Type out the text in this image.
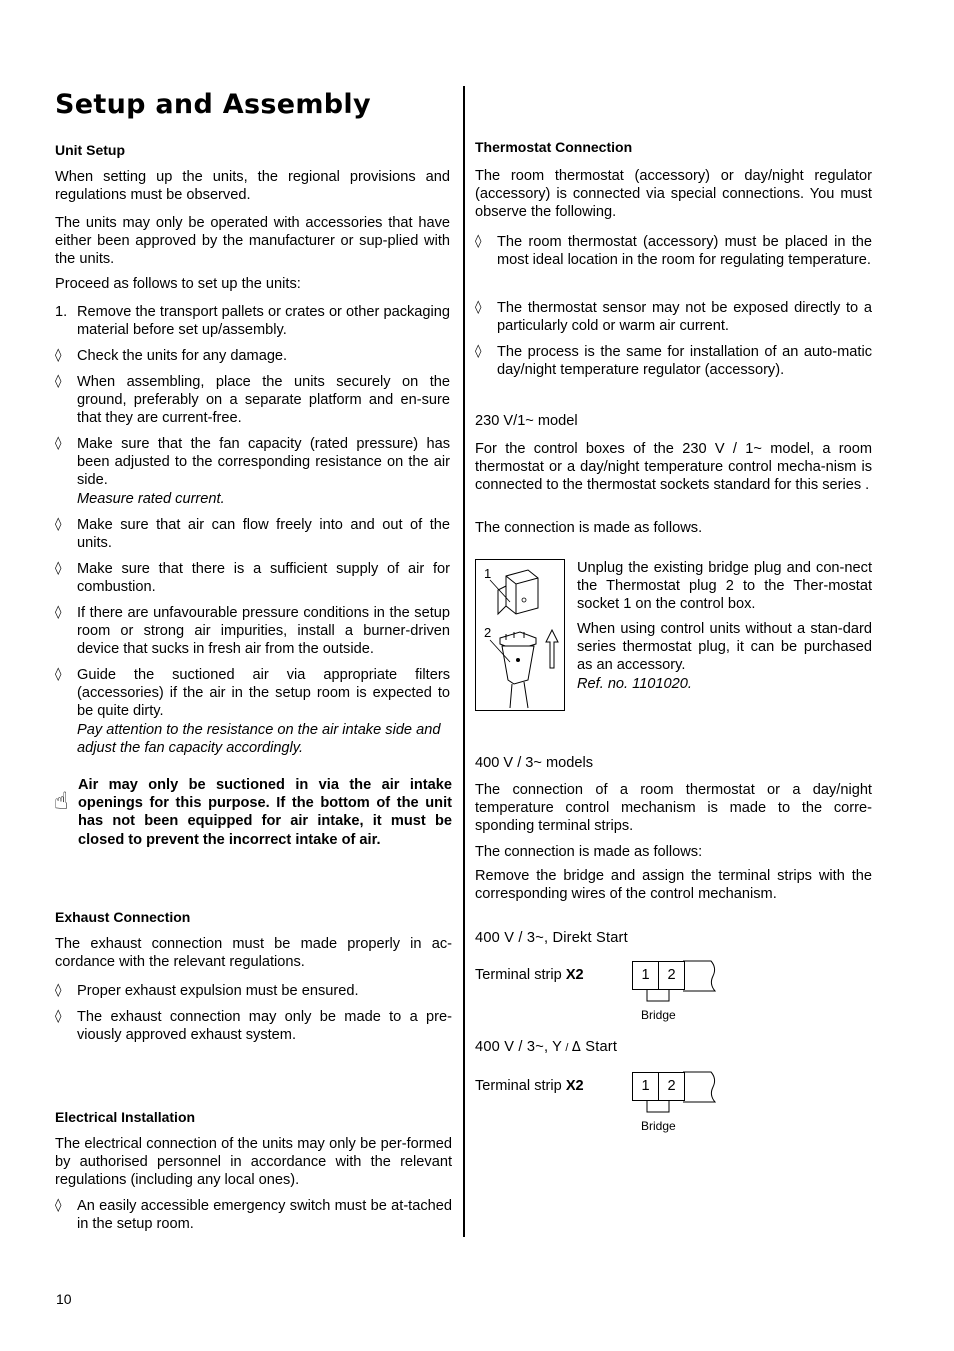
Setup and Assembly
Unit Setup

When setting up the units, the regional provisions and regulations must be observed.

The units may only be operated with accessories that have either been approved by the manufacturer or sup-plied with the units.

Proceed as follows to set up the units:

1. Remove the transport pallets or crates or other packaging material before set up/assembly.
◊ Check the units for any damage.
◊ When assembling, place the units securely on the ground, preferably on a separate platform and en-sure that they are current-free.
◊ Make sure that the fan capacity (rated pressure) has been adjusted to the corresponding resistance on the air side.
Measure rated current.
◊ Make sure that air can flow freely into and out of the units.
◊ Make sure that there is a sufficient supply of air for combustion.
◊ If there are unfavourable pressure conditions in the setup room or strong air impurities, install a burner-driven device that sucks in fresh air from the outside.
◊ Guide the suctioned air via appropriate filters (accessories) if the air in the setup room is expected to be quite dirty.
Pay attention to the resistance on the air intake side and adjust the fan capacity accordingly.
☝
Air may only be suctioned in via the air intake openings for this purpose. If the bottom of the unit has not been equipped for air intake, it must be closed to prevent the incorrect intake of air.
Exhaust Connection

The exhaust connection must be made properly in ac-cordance with the relevant regulations.

◊ Proper exhaust expulsion must be ensured.
◊ The exhaust connection may only be made to a pre-viously approved exhaust system.
Electrical Installation

The electrical connection of the units may only be per-formed by authorised personnel in accordance with the relevant regulations (including any local ones).

◊ An easily accessible emergency switch must be at-tached in the setup room.
Thermostat Connection

The room thermostat (accessory) or day/night regulator (accessory) is connected via special connections. You must observe the following.

◊ The room thermostat (accessory) must be placed in the most ideal location in the room for regulating temperature.
◊ The thermostat sensor may not be exposed directly to a particularly cold or warm air current.
◊ The process is the same for installation of an auto-matic day/night temperature regulator (accessory).
230 V/1~ model

For the control boxes of the 230 V / 1~ model, a room thermostat or a day/night temperature control mecha-nism is connected to the thermostat sockets standard for this series .

The connection is made as follows.

1
2

Unplug the existing bridge plug and con-nect the Thermostat plug 2 to the Ther-mostat socket 1 on the control box.

When using control units without a stan-dard series thermostat plug, it can be purchased as an accessory.
Ref. no. 1101020.

400 V / 3~ models

The connection of a room thermostat or a day/night temperature control mechanism is made to the corre-sponding terminal strips.

The connection is made as follows:

Remove the bridge and assign the terminal strips with the corresponding wires of the control mechanism.

400 V / 3~, Direkt Start
Terminal strip X2	1	2
Bridge
400 V / 3~, Y / Δ Start
Terminal strip X2	1	2
Bridge
10
